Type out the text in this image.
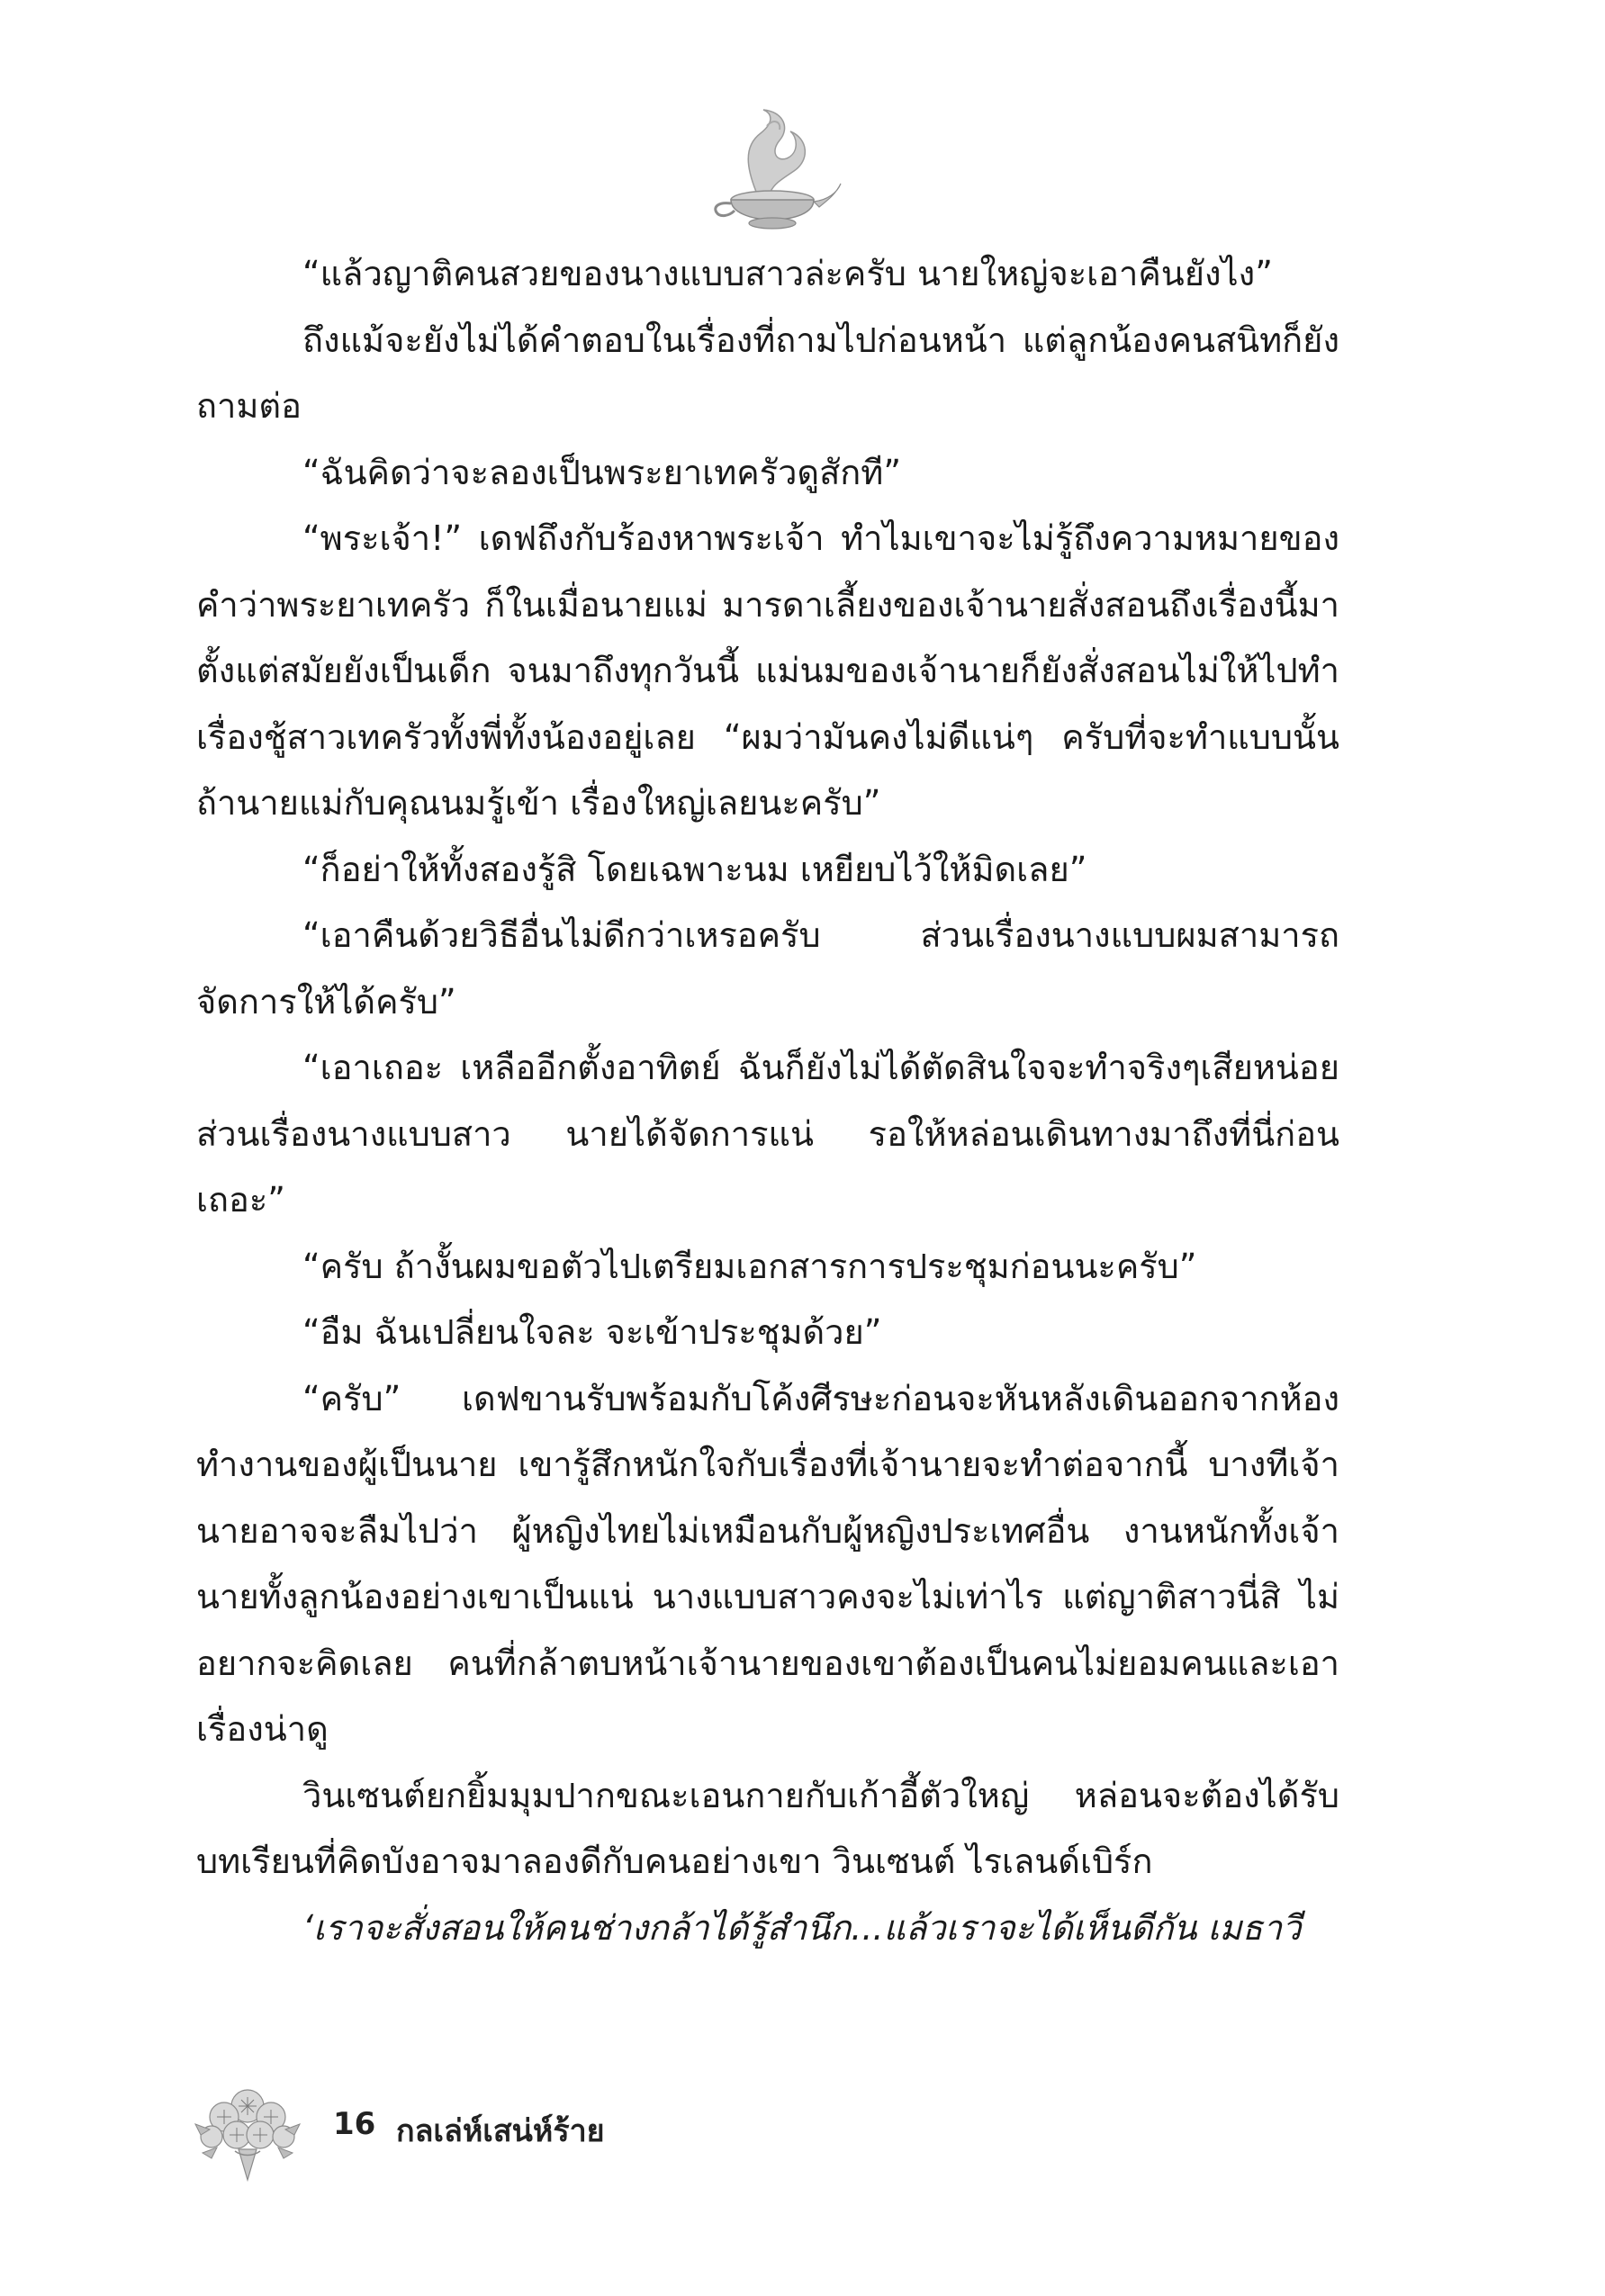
“แล้วญาติคนสวยของนางแบบสาวล่ะครับ นายใหญ่จะเอาคืนยังไง”

ถึงแม้จะยังไม่ได้คำตอบในเรื่องที่ถามไปก่อนหน้า แต่ลูกน้องคนสนิทก็ยังถามต่อ

“ฉันคิดว่าจะลองเป็นพระยาเทครัวดูสักที”

“พระเจ้า!” เดฟถึงกับร้องหาพระเจ้า ทำไมเขาจะไม่รู้ถึงความหมายของคำว่าพระยาเทครัว ก็ในเมื่อนายแม่ มารดาเลี้ยงของเจ้านายสั่งสอนถึงเรื่องนี้มาตั้งแต่สมัยยังเป็นเด็ก จนมาถึงทุกวันนี้ แม่นมของเจ้านายก็ยังสั่งสอนไม่ให้ไปทำเรื่องชู้สาวเทครัวทั้งพี่ทั้งน้องอยู่เลย “ผมว่ามันคงไม่ดีแน่ๆ ครับที่จะทำแบบนั้น ถ้านายแม่กับคุณนมรู้เข้า เรื่องใหญ่เลยนะครับ”

“ก็อย่าให้ทั้งสองรู้สิ โดยเฉพาะนม เหยียบไว้ให้มิดเลย”

“เอาคืนด้วยวิธีอื่นไม่ดีกว่าเหรอครับ ส่วนเรื่องนางแบบผมสามารถจัดการให้ได้ครับ”

“เอาเถอะ เหลืออีกตั้งอาทิตย์ ฉันก็ยังไม่ได้ตัดสินใจจะทำจริงๆเสียหน่อย ส่วนเรื่องนางแบบสาว นายได้จัดการแน่ รอให้หล่อนเดินทางมาถึงที่นี่ก่อนเถอะ”

“ครับ ถ้างั้นผมขอตัวไปเตรียมเอกสารการประชุมก่อนนะครับ”

“อืม ฉันเปลี่ยนใจละ จะเข้าประชุมด้วย”

“ครับ” เดฟขานรับพร้อมกับโค้งศีรษะก่อนจะหันหลังเดินออกจากห้องทำงานของผู้เป็นนาย เขารู้สึกหนักใจกับเรื่องที่เจ้านายจะทำต่อจากนี้ บางทีเจ้านายอาจจะลืมไปว่า ผู้หญิงไทยไม่เหมือนกับผู้หญิงประเทศอื่น งานหนักทั้งเจ้านายทั้งลูกน้องอย่างเขาเป็นแน่ นางแบบสาวคงจะไม่เท่าไร แต่ญาติสาวนี่สิ ไม่อยากจะคิดเลย คนที่กล้าตบหน้าเจ้านายของเขาต้องเป็นคนไม่ยอมคนและเอาเรื่องน่าดู

วินเซนต์ยกยิ้มมุมปากขณะเอนกายกับเก้าอี้ตัวใหญ่ หล่อนจะต้องได้รับบทเรียนที่คิดบังอาจมาลองดีกับคนอย่างเขา วินเซนต์ ไรเลนด์เบิร์ก

‘เราจะสั่งสอนให้คนช่างกล้าได้รู้สำนึก...แล้วเราจะได้เห็นดีกัน เมธาวี

16 กลเล่ห์เสน่ห์ร้าย
